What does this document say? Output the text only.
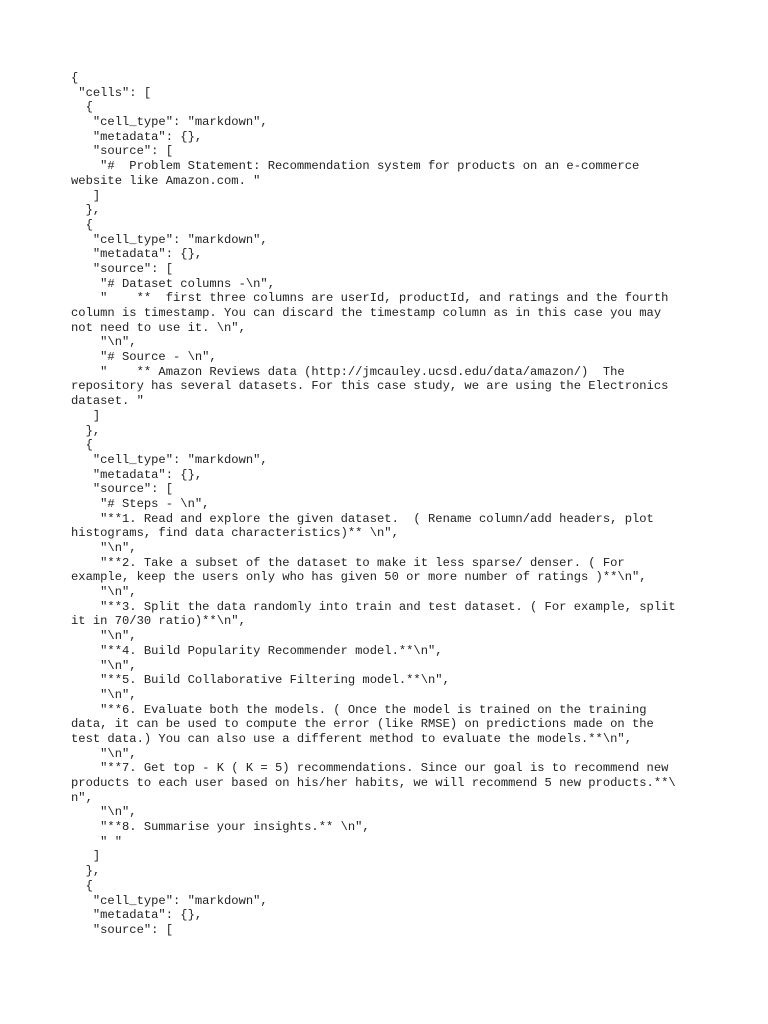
{
"cells": [
{
"cell_type": "markdown",
"metadata": {},
"source": [
"#  Problem Statement: Recommendation system for products on an e-commerce
website like Amazon.com. "
]
},
{
"cell_type": "markdown",
"metadata": {},
"source": [
"# Dataset columns -\n",
"    **  first three columns are userId, productId, and ratings and the fourth
column is timestamp. You can discard the timestamp column as in this case you may
not need to use it. \n",
"\n",
"# Source - \n",
"    ** Amazon Reviews data (http://jmcauley.ucsd.edu/data/amazon/)  The
repository has several datasets. For this case study, we are using the Electronics
dataset. "
]
},
{
"cell_type": "markdown",
"metadata": {},
"source": [
"# Steps - \n",
"**1. Read and explore the given dataset.  ( Rename column/add headers, plot
histograms, find data characteristics)** \n",
"\n",
"**2. Take a subset of the dataset to make it less sparse/ denser. ( For
example, keep the users only who has given 50 or more number of ratings )**\n",
"\n",
"**3. Split the data randomly into train and test dataset. ( For example, split
it in 70/30 ratio)**\n",
"\n",
"**4. Build Popularity Recommender model.**\n",
"\n",
"**5. Build Collaborative Filtering model.**\n",
"\n",
"**6. Evaluate both the models. ( Once the model is trained on the training
data, it can be used to compute the error (like RMSE) on predictions made on the
test data.) You can also use a different method to evaluate the models.**\n",
"\n",
"**7. Get top - K ( K = 5) recommendations. Since our goal is to recommend new
products to each user based on his/her habits, we will recommend 5 new products.**\
n",
"\n",
"**8. Summarise your insights.** \n",
" "
]
},
{
"cell_type": "markdown",
"metadata": {},
"source": [
